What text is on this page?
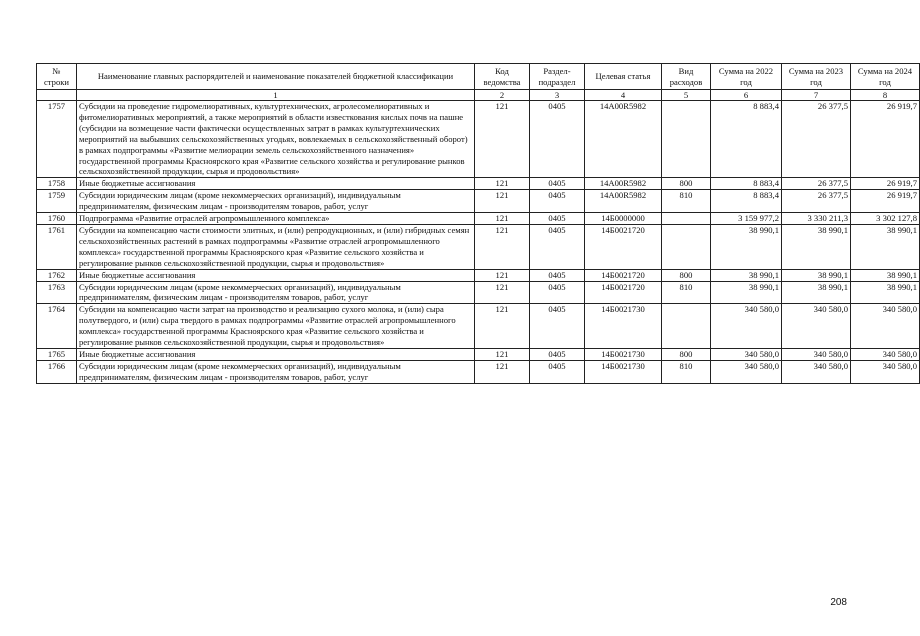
№ строки	Наименование главных распорядителей и наименование показателей бюджетной классификации	Код ведомства	Раздел-подраздел	Целевая статья	Вид расходов	Сумма на 2022 год	Сумма на 2023 год	Сумма на 2024 год
	1	2	3	4	5	6	7	8
1757	Субсидии на проведение гидромелиоративных, культуртехнических, агролесомелиоративных и фитомелиоративных мероприятий, а также мероприятий в области известкования кислых почв на пашне (субсидии на возмещение части фактически осуществленных затрат в рамках культуртехнических мероприятий на выбывших сельскохозяйственных угодьях, вовлекаемых в сельскохозяйственный оборот) в рамках подпрограммы «Развитие мелиорации земель сельскохозяйственного назначения» государственной программы Красноярского края «Развитие сельского хозяйства и регулирование рынков сельскохозяйственной продукции, сырья и продовольствия»	121	0405	14А00R5982		8 883,4	26 377,5	26 919,7
1758	Иные бюджетные ассигнования	121	0405	14А00R5982	800	8 883,4	26 377,5	26 919,7
1759	Субсидии юридическим лицам (кроме некоммерческих организаций), индивидуальным предпринимателям, физическим лицам - производителям товаров, работ, услуг	121	0405	14А00R5982	810	8 883,4	26 377,5	26 919,7
1760	Подпрограмма «Развитие отраслей агропромышленного комплекса»	121	0405	14Б0000000		3 159 977,2	3 330 211,3	3 302 127,8
1761	Субсидии на компенсацию части стоимости элитных, и (или) репродукционных, и (или) гибридных семян сельскохозяйственных растений в рамках подпрограммы «Развитие отраслей агропромышленного комплекса» государственной программы Красноярского края «Развитие сельского хозяйства и регулирование рынков сельскохозяйственной продукции, сырья и продовольствия»	121	0405	14Б0021720		38 990,1	38 990,1	38 990,1
1762	Иные бюджетные ассигнования	121	0405	14Б0021720	800	38 990,1	38 990,1	38 990,1
1763	Субсидии юридическим лицам (кроме некоммерческих организаций), индивидуальным предпринимателям, физическим лицам - производителям товаров, работ, услуг	121	0405	14Б0021720	810	38 990,1	38 990,1	38 990,1
1764	Субсидии на компенсацию части затрат на производство и реализацию сухого молока, и (или) сыра полутвердого, и (или) сыра твердого в рамках подпрограммы «Развитие отраслей агропромышленного комплекса» государственной программы Красноярского края «Развитие сельского хозяйства и регулирование рынков сельскохозяйственной продукции, сырья и продовольствия»	121	0405	14Б0021730		340 580,0	340 580,0	340 580,0
1765	Иные бюджетные ассигнования	121	0405	14Б0021730	800	340 580,0	340 580,0	340 580,0
1766	Субсидии юридическим лицам (кроме некоммерческих организаций), индивидуальным предпринимателям, физическим лицам - производителям товаров, работ, услуг	121	0405	14Б0021730	810	340 580,0	340 580,0	340 580,0
208
